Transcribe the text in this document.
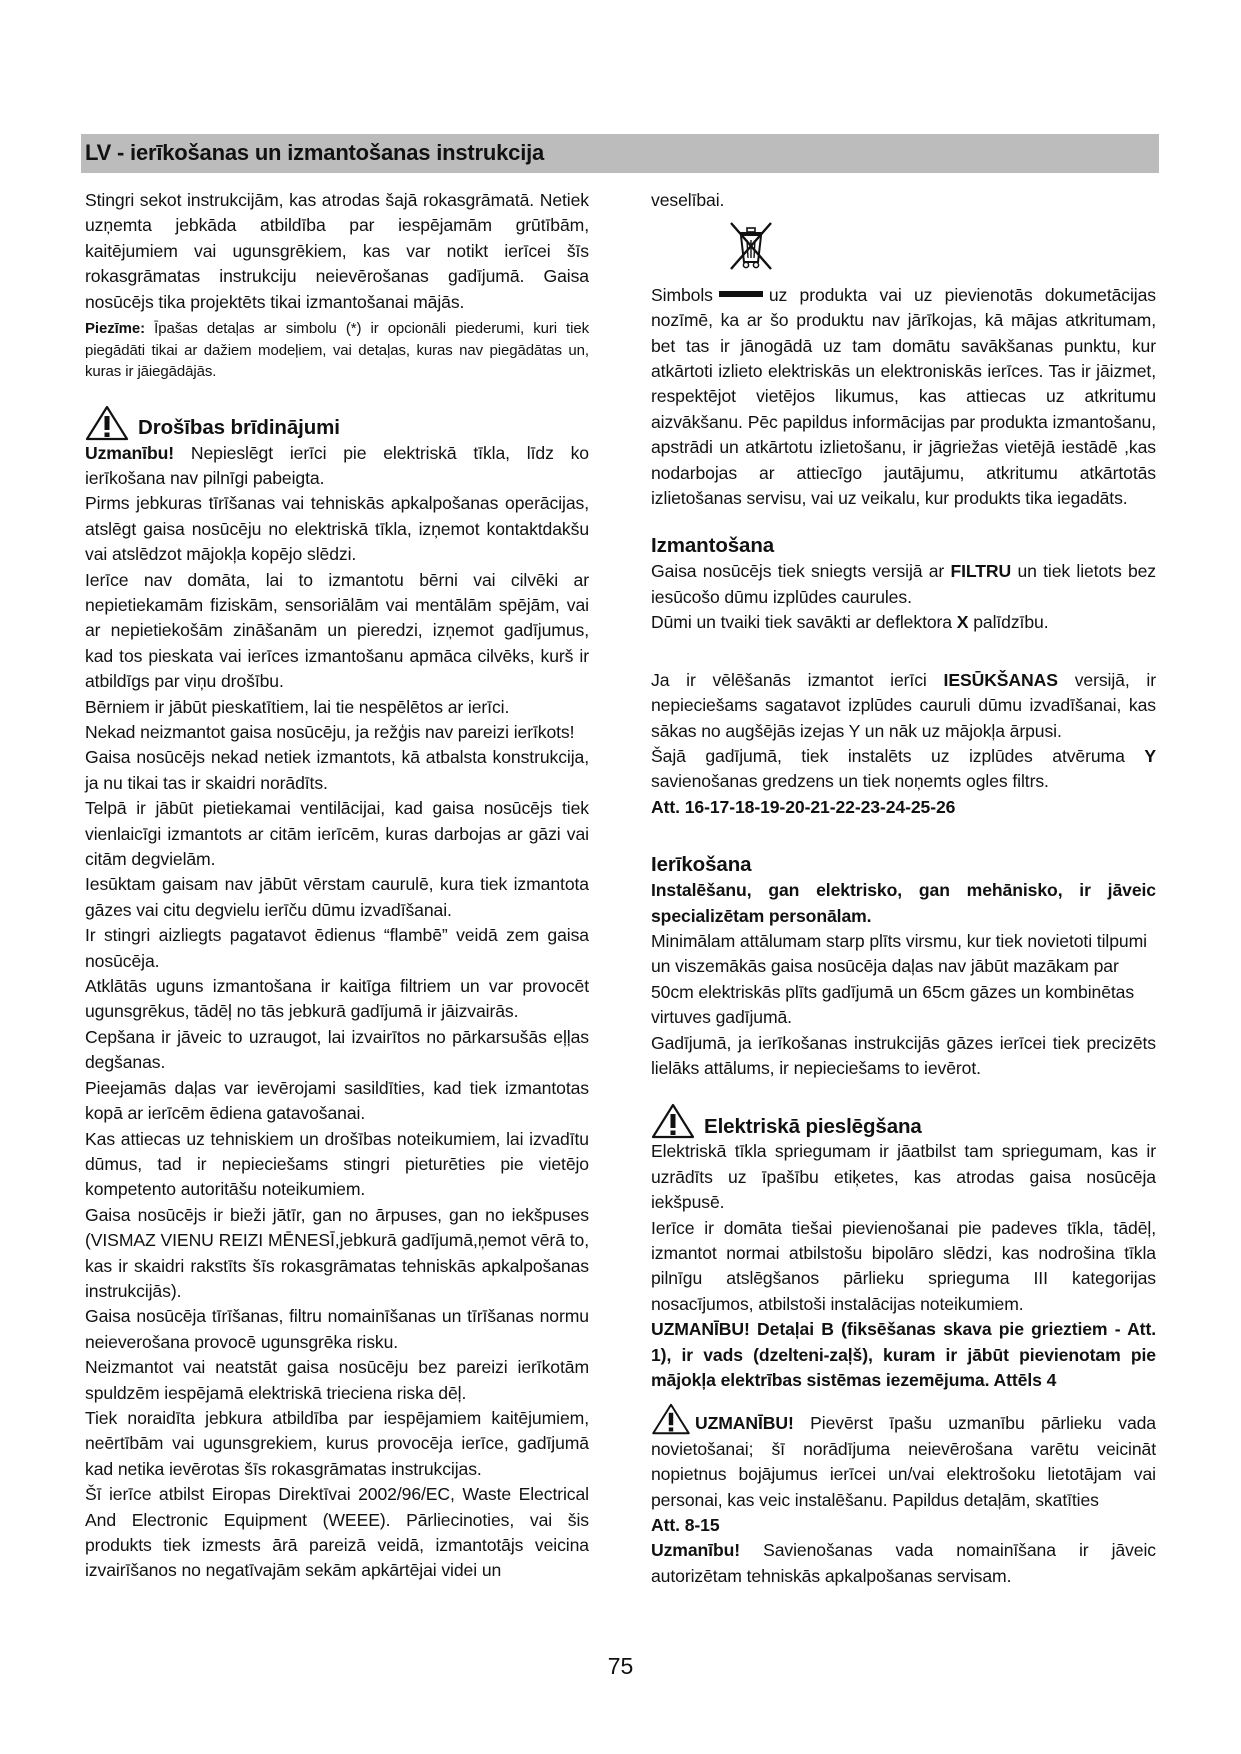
LV - ierīkošanas un izmantošanas instrukcija

Stingri sekot instrukcijām, kas atrodas šajā rokasgrāmatā. Netiek uzņemta jebkāda atbildība par iespējamām grūtībām, kaitējumiem vai ugunsgrēkiem, kas var notikt ierīcei šīs rokasgrāmatas instrukciju neievērošanas gadījumā. Gaisa nosūcējs tika projektēts tikai izmantošanai mājās.

Piezīme: Īpašas detaļas ar simbolu (*) ir opcionāli piederumi, kuri tiek piegādāti tikai ar dažiem modeļiem, vai detaļas, kuras nav piegādātas un, kuras ir jāiegādājās.

Drošības brīdinājumi

Uzmanību! Nepieslēgt ierīci pie elektriskā tīkla, līdz ko ierīkošana nav pilnīgi pabeigta.

Pirms jebkuras tīrīšanas vai tehniskās apkalpošanas operācijas, atslēgt gaisa nosūcēju no elektriskā tīkla, izņemot kontaktdakšu vai atslēdzot mājokļa kopējo slēdzi.

Ierīce nav domāta, lai to izmantotu bērni vai cilvēki ar nepietiekamām fiziskām, sensoriālām vai mentālām spējām, vai ar nepietiekošām zināšanām un pieredzi, izņemot gadījumus, kad tos pieskata vai ierīces izmantošanu apmāca cilvēks, kurš ir atbildīgs par viņu drošību.

Bērniem ir jābūt pieskatītiem, lai tie nespēlētos ar ierīci.

Nekad neizmantot gaisa nosūcēju, ja režģis nav pareizi ierīkots!

Gaisa nosūcējs nekad netiek izmantots, kā atbalsta konstrukcija, ja nu tikai tas ir skaidri norādīts.

Telpā ir jābūt pietiekamai ventilācijai, kad gaisa nosūcējs tiek vienlaicīgi izmantots ar citām ierīcēm, kuras darbojas ar gāzi vai citām degvielām.

Iesūktam gaisam nav jābūt vērstam caurulē, kura tiek izmantota gāzes vai citu degvielu ierīču dūmu izvadīšanai.

Ir stingri aizliegts pagatavot ēdienus “flambē” veidā zem gaisa nosūcēja.

Atklātās uguns izmantošana ir kaitīga filtriem un var provocēt ugunsgrēkus, tādēļ no tās jebkurā gadījumā ir jāizvairās.

Cepšana ir jāveic to uzraugot, lai izvairītos no pārkarsušās eļļas degšanas.

Pieejamās daļas var ievērojami sasildīties, kad tiek izmantotas kopā ar ierīcēm ēdiena gatavošanai.

Kas attiecas uz tehniskiem un drošības noteikumiem, lai izvadītu dūmus, tad ir nepieciešams stingri pieturēties pie vietējo kompetento autoritāšu noteikumiem.

Gaisa nosūcējs ir bieži jātīr, gan no ārpuses, gan no iekšpuses (VISMAZ VIENU REIZI MĒNESĪ,jebkurā gadījumā,ņemot vērā to, kas ir skaidri rakstīts šīs rokasgrāmatas tehniskās apkalpošanas instrukcijās).

Gaisa nosūcēja tīrīšanas, filtru nomainīšanas un tīrīšanas normu neieverošana provocē ugunsgrēka risku.

Neizmantot vai neatstāt gaisa nosūcēju bez pareizi ierīkotām spuldzēm iespējamā elektriskā trieciena riska dēļ.

Tiek noraidīta jebkura atbildība par iespējamiem kaitējumiem, neērtībām vai ugunsgrekiem, kurus provocēja ierīce, gadījumā kad netika ievērotas šīs rokasgrāmatas instrukcijas.

Šī ierīce atbilst Eiropas Direktīvai 2002/96/EC, Waste Electrical And Electronic Equipment (WEEE). Pārliecinoties, vai šis produkts tiek izmests ārā pareizā veidā, izmantotājs veicina izvairīšanos no negatīvajām sekām apkārtējai videi un

veselībai.

Simbols	uz produkta vai uz pievienotās dokumetācijas nozīmē, ka ar šo produktu nav jārīkojas, kā mājas atkritumam, bet tas ir jānogādā uz tam domātu savākšanas punktu, kur atkārtoti izlieto elektriskās un elektroniskās ierīces. Tas ir jāizmet, respektējot vietējos likumus, kas attiecas uz atkritumu aizvākšanu. Pēc papildus informācijas par produkta izmantošanu, apstrādi un atkārtotu izlietošanu, ir jāgriežas vietējā iestādē ,kas nodarbojas ar attiecīgo jautājumu, atkritumu atkārtotās izlietošanas servisu, vai uz veikalu, kur produkts tika iegadāts.

Izmantošana

Gaisa nosūcējs tiek sniegts versijā ar FILTRU un tiek lietots bez iesūcošo dūmu izplūdes caurules.

Dūmi un tvaiki tiek savākti ar deflektora X palīdzību.

Ja ir vēlēšanās izmantot ierīci IESŪKŠANAS versijā, ir nepieciešams sagatavot izplūdes cauruli dūmu izvadīšanai, kas sākas no augšējās izejas Y un nāk uz mājokļa ārpusi.

Šajā gadījumā, tiek instalēts uz izplūdes atvēruma Y savienošanas gredzens un tiek noņemts ogles filtrs.

Att. 16-17-18-19-20-21-22-23-24-25-26

Ierīkošana

Instalēšanu, gan elektrisko, gan mehānisko, ir jāveic specializētam personālam.

Minimālam attālumam starp plīts virsmu, kur tiek novietoti tilpumi un viszemākās gaisa nosūcēja daļas nav jābūt mazākam par 50cm elektriskās plīts gadījumā un 65cm gāzes un kombinētas virtuves gadījumā.

Gadījumā, ja ierīkošanas instrukcijās gāzes ierīcei tiek precizēts lielāks attālums, ir nepieciešams to ievērot.

Elektriskā pieslēgšana

Elektriskā tīkla spriegumam ir jāatbilst tam spriegumam, kas ir uzrādīts uz īpašību etiķetes, kas atrodas gaisa nosūcēja iekšpusē.

Ierīce ir domāta tiešai pievienošanai pie padeves tīkla, tādēļ, izmantot normai atbilstošu bipolāro slēdzi, kas nodrošina tīkla pilnīgu atslēgšanos pārlieku sprieguma III kategorijas nosacījumos, atbilstoši instalācijas noteikumiem.

UZMANĪBU! Detaļai B (fiksēšanas skava pie grieztiem - Att. 1), ir vads (dzelteni-zaļš), kuram ir jābūt pievienotam pie mājokļa elektrības sistēmas iezemējuma. Attēls 4

UZMANĪBU! Pievērst īpašu uzmanību pārlieku vada novietošanai; šī norādījuma neievērošana varētu veicināt nopietnus bojājumus ierīcei un/vai elektrošoku lietotājam vai personai, kas veic instalēšanu. Papildus detaļām, skatīties

Att. 8-15

Uzmanību! Savienošanas vada nomainīšana ir jāveic autorizētam tehniskās apkalpošanas servisam.

75
